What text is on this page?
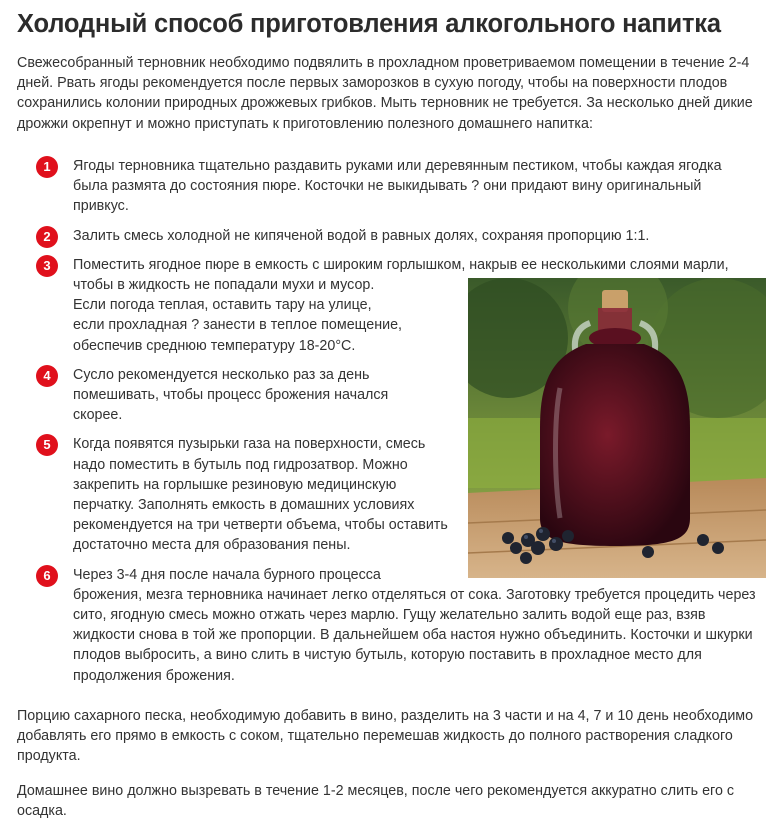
Холодный способ приготовления алкогольного напитка

Свежесобранный терновник необходимо подвялить в прохладном проветриваемом помещении в течение 2-4 дней. Рвать ягоды рекомендуется после первых заморозков в сухую погоду, чтобы на поверхности плодов сохранились колонии природных дрожжевых грибков. Мыть терновник не требуется. За несколько дней дикие дрожжи окрепнут и можно приступать к приготовлению полезного домашнего напитка:

1	Ягоды терновника тщательно раздавить руками или деревянным пестиком, чтобы каждая ягодка была размята до состояния пюре. Косточки не выкидывать ? они придают вину оригинальный привкус.
2	Залить смесь холодной не кипяченой водой в равных долях, сохраняя пропорцию 1:1.
3	Поместить ягодное пюре в емкость с широким горлышком, накрыв ее несколькими слоями марли,
чтобы в жидкость не попадали мухи и мусор. Если погода теплая, оставить тару на улице, если прохладная ? занести в теплое помещение, обеспечив среднюю температуру 18-20°С.
4	Сусло рекомендуется несколько раз за день помешивать, чтобы процесс брожения начался скорее.
5	Когда появятся пузырьки газа на поверхности, смесь надо поместить в бутыль под гидрозатвор. Можно закрепить на горлышке резиновую медицинскую перчатку. Заполнять емкость в домашних условиях рекомендуется на три четверти объема, чтобы оставить достаточно места для образования пены.
6	Через 3-4 дня после начала бурного процесса
брожения, мезга терновника начинает легко отделяться от сока. Заготовку требуется процедить через сито, ягодную смесь можно отжать через марлю. Гущу желательно залить водой еще раз, взяв жидкости снова в той же пропорции. В дальнейшем оба настоя нужно объединить. Косточки и шкурки плодов выбросить, а вино слить в чистую бутыль, которую поставить в прохладное место для продолжения брожения.

Порцию сахарного песка, необходимую добавить в вино, разделить на 3 части и на 4, 7 и 10 день необходимо добавлять его прямо в емкость с соком, тщательно перемешав жидкость до полного растворения сладкого продукта.

Домашнее вино должно вызревать в течение 1-2 месяцев, после чего рекомендуется аккуратно слить его с осадка.
